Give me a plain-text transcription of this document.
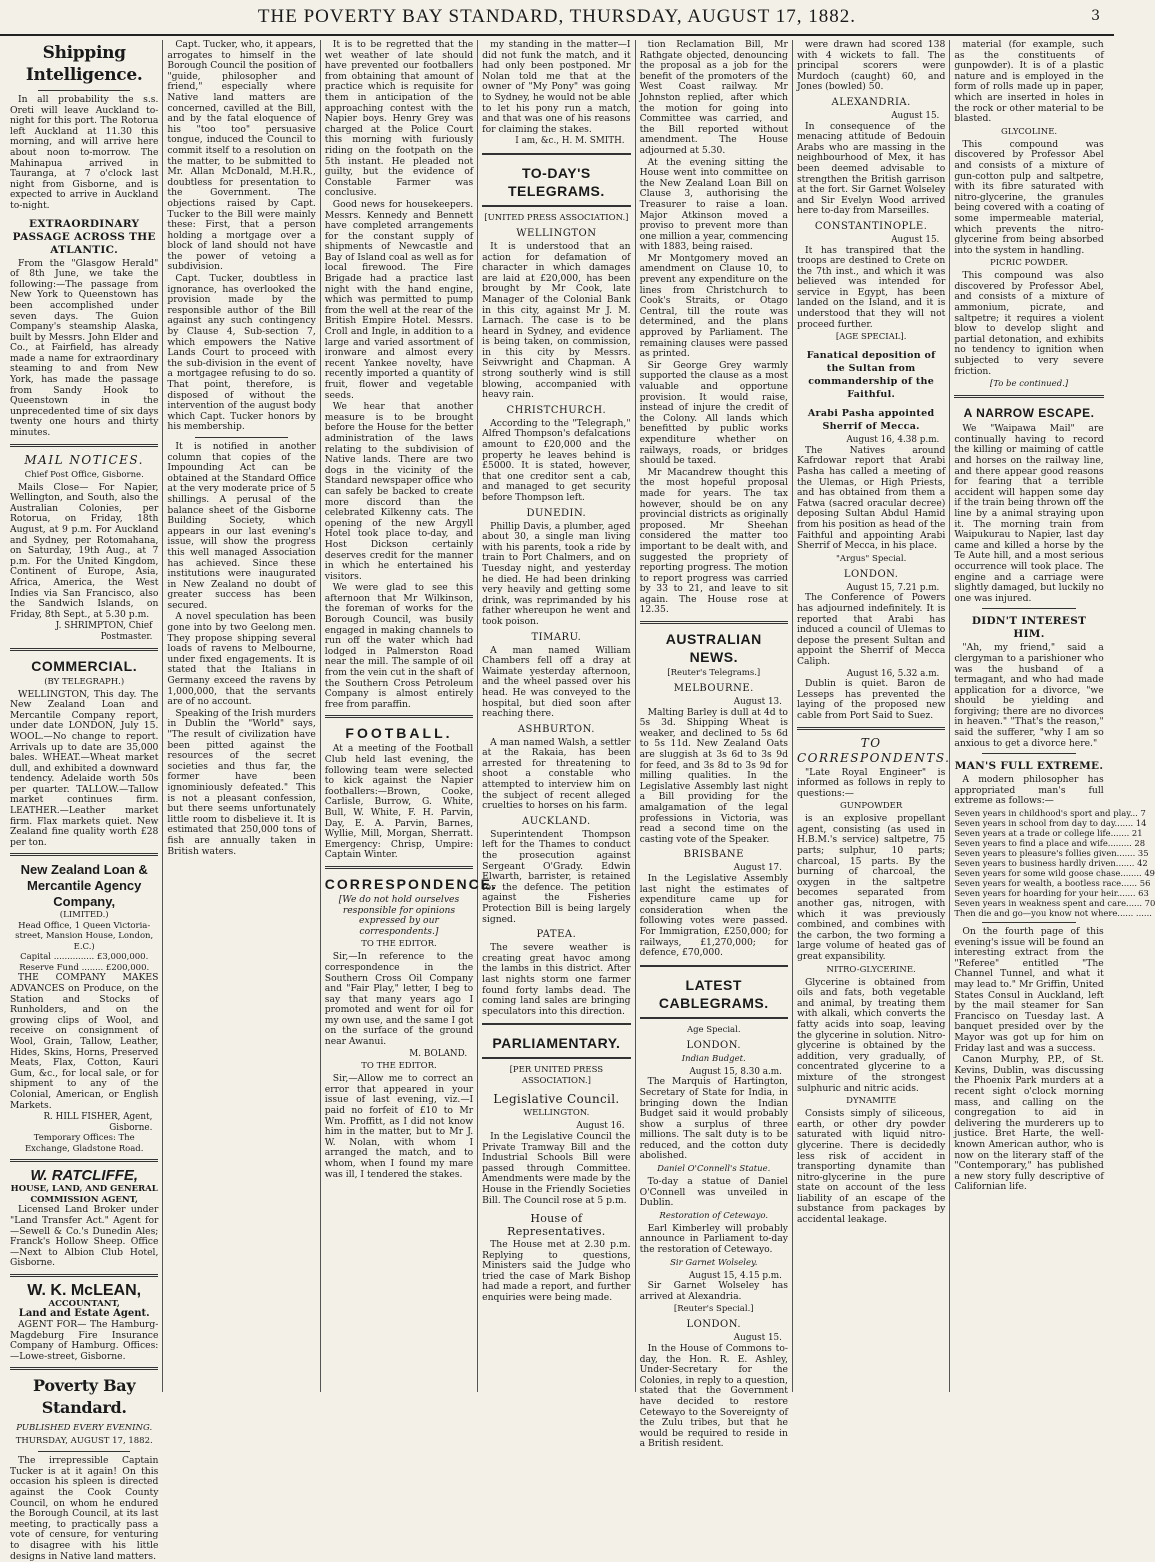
THE POVERTY BAY STANDARD, THURSDAY, AUGUST 17, 1882.	3
Shipping Intelligence.

In all probability the s.s. Oreti will leave Auckland to-night for this port. The Rotorua left Auckland at 11.30 this morning, and will arrive here about noon to-morrow. The Mahinapua arrived in Tauranga, at 7 o'clock last night from Gisborne, and is expected to arrive in Auckland to-night.

EXTRAORDINARY PASSAGE ACROSS THE ATLANTIC.

From the "Glasgow Herald" of 8th June, we take the following:—The passage from New York to Queenstown has been accomplished under seven days. The Guion Company's steamship Alaska, built by Messrs. John Elder and Co., at Fairfield, has already made a name for extraordinary steaming to and from New York, has made the passage from Sandy Hook to Queenstown in the unprecedented time of six days twenty one hours and thirty minutes.

MAIL NOTICES.
Chief Post Office, Gisborne.

Mails Close— For Napier, Wellington, and South, also the Australian Colonies, per Rotorua, on Friday, 18th August, at 9 p.m. For Auckland and Sydney, per Rotomahana, on Saturday, 19th Aug., at 7 p.m. For the United Kingdom, Continent of Europe, Asia, Africa, America, the West Indies via San Francisco, also the Sandwich Islands, on Friday, 8th Sept., at 5.30 p.m.

J. SHRIMPTON, Chief Postmaster.
COMMERCIAL.
(BY TELEGRAPH.)

WELLINGTON, This day. The New Zealand Loan and Mercantile Company report, under date LONDON, July 15. WOOL.—No change to report. Arrivals up to date are 35,000 bales. WHEAT.—Wheat market dull, and exhibited a downward tendency. Adelaide worth 50s per quarter. TALLOW.—Tallow market continues firm. LEATHER.—Leather market firm. Flax markets quiet. New Zealand fine quality worth £28 per ton.

New Zealand Loan & Mercantile Agency Company,
(LIMITED.)
Head Office, 1 Queen Victoria-street, Mansion House, London, E.C.)
Capital ............... £3,000,000.
Reserve Fund ........ £200,000.

THE COMPANY MAKES ADVANCES on Produce, on the Station and Stocks of Runholders, and on the growing clips of Wool, and receive on consignment of Wool, Grain, Tallow, Leather, Hides, Skins, Horns, Preserved Meats, Flax, Cotton, Kauri Gum, &c., for local sale, or for shipment to any of the Colonial, American, or English Markets.

R. HILL FISHER, Agent, Gisborne.
Temporary Offices: The Exchange, Gladstone Road.
W. RATCLIFFE,
HOUSE, LAND, AND GENERAL COMMISSION AGENT,

Licensed Land Broker under "Land Transfer Act." Agent for—Sewell & Co.'s Dunedin Ales; Franck's Hollow Sheep. Office—Next to Albion Club Hotel, Gisborne.

W. K. McLEAN,
ACCOUNTANT,
Land and Estate Agent.

AGENT FOR— The Hamburg-Magdeburg Fire Insurance Company of Hamburg. Offices:—Lowe-street, Gisborne.

Poverty Bay Standard.
PUBLISHED EVERY EVENING.
THURSDAY, AUGUST 17, 1882.

The irrepressible Captain Tucker is at it again! On this occasion his spleen is directed against the Cook County Council, on whom he endured the Borough Council, at its last meeting, to practically pass a vote of censure, for venturing to disagree with his little designs in Native land matters.

Capt. Tucker, who, it appears, arrogates to himself in the Borough Council the position of "guide, philosopher and friend," especially where Native land matters are concerned, cavilled at the Bill, and by the fatal eloquence of his "too too" persuasive tongue, induced the Council to commit itself to a resolution on the matter, to be submitted to Mr. Allan McDonald, M.H.R., doubtless for presentation to the Government. The objections raised by Capt. Tucker to the Bill were mainly these: First, that a person holding a mortgage over a block of land should not have the power of vetoing a subdivision.

Capt. Tucker, doubtless in ignorance, has overlooked the provision made by the responsible author of the Bill against any such contingency by Clause 4, Sub-section 7, which empowers the Native Lands Court to proceed with the sub-division in the event of a mortgagee refusing to do so. That point, therefore, is disposed of without the intervention of the august body which Capt. Tucker honors by his membership.

It is notified in another column that copies of the Impounding Act can be obtained at the Standard Office at the very moderate price of 5 shillings. A perusal of the balance sheet of the Gisborne Building Society, which appears in our last evening's issue, will show the progress this well managed Association has achieved. Since these institutions were inaugurated in New Zealand no doubt of greater success has been secured.

A novel speculation has been gone into by two Geelong men. They propose shipping several loads of ravens to Melbourne, under fixed engagements. It is stated that the Italians in Germany exceed the ravens by 1,000,000, that the servants are of no account.

Speaking of the Irish murders in Dublin the "World" says, "The result of civilization have been pitted against the resources of the secret societies and thus far, the former have been ignominiously defeated." This is not a pleasant confession, but there seems unfortunately little room to disbelieve it. It is estimated that 250,000 tons of fish are annually taken in British waters.

It is to be regretted that the wet weather of late should have prevented our footballers from obtaining that amount of practice which is requisite for them in anticipation of the approaching contest with the Napier boys. Henry Grey was charged at the Police Court this morning with furiously riding on the footpath on the 5th instant. He pleaded not guilty, but the evidence of Constable Farmer was conclusive.

Good news for housekeepers. Messrs. Kennedy and Bennett have completed arrangements for the constant supply of shipments of Newcastle and Bay of Island coal as well as for local firewood. The Fire Brigade had a practice last night with the hand engine, which was permitted to pump from the well at the rear of the British Empire Hotel. Messrs. Croll and Ingle, in addition to a large and varied assortment of ironware and almost every recent Yankee novelty, have recently imported a quantity of fruit, flower and vegetable seeds.

We hear that another measure is to be brought before the House for the better administration of the laws relating to the subdivision of Native lands. There are two dogs in the vicinity of the Standard newspaper office who can safely be backed to create more discord than the celebrated Kilkenny cats. The opening of the new Argyll Hotel took place to-day, and Host Dickson certainly deserves credit for the manner in which he entertained his visitors.

We were glad to see this afternoon that Mr Wilkinson, the foreman of works for the Borough Council, was busily engaged in making channels to run off the water which had lodged in Palmerston Road near the mill. The sample of oil from the vein cut in the shaft of the Southern Cross Petroleum Company is almost entirely free from paraffin.

FOOTBALL.

At a meeting of the Football Club held last evening, the following team were selected to kick against the Napier footballers:—Brown, Cooke, Carlisle, Burrow, G. White, Bull, W. White, F. H. Parvin, Day, E. A. Parvin, Barnes, Wyllie, Mill, Morgan, Sherratt. Emergency: Chrisp, Umpire: Captain Winter.

CORRESPONDENCE.

[We do not hold ourselves responsible for opinions expressed by our correspondents.]

TO THE EDITOR.

Sir,—In reference to the correspondence in the Southern Cross Oil Company and "Fair Play," letter, I beg to say that many years ago I promoted and went for oil for my own use, and the same I got on the surface of the ground near Awanui.

M. BOLAND.
TO THE EDITOR.

Sir,—Allow me to correct an error that appeared in your issue of last evening, viz.—I paid no forfeit of £10 to Mr Wm. Proffitt, as I did not know him in the matter, but to Mr J. W. Nolan, with whom I arranged the match, and to whom, when I found my mare was ill, I tendered the stakes.

my standing in the matter—I did not funk the match, and it had only been postponed. Mr Nolan told me that at the owner of "My Pony" was going to Sydney, he would not be able to let his pony run a match, and that was one of his reasons for claiming the stakes.

I am, &c., H. M. SMITH.
TO-DAY'S TELEGRAMS.
[UNITED PRESS ASSOCIATION.]
WELLINGTON

It is understood that an action for defamation of character in which damages are laid at £20,000, has been brought by Mr Cook, late Manager of the Colonial Bank in this city, against Mr J. M. Larnach. The case is to be heard in Sydney, and evidence is being taken, on commission, in this city by Messrs. Seivwright and Chapman. A strong southerly wind is still blowing, accompanied with heavy rain.

CHRISTCHURCH.

According to the "Telegraph," Alfred Thompson's defalcations amount to £20,000 and the property he leaves behind is £5000. It is stated, however, that one creditor sent a cab, and managed to get security before Thompson left.

DUNEDIN.

Phillip Davis, a plumber, aged about 30, a single man living with his parents, took a ride by train to Port Chalmers, and on Tuesday night, and yesterday he died. He had been drinking very heavily and getting some drink, was reprimanded by his father whereupon he went and took poison.

TIMARU.

A man named William Chambers fell off a dray at Waimate yesterday afternoon, and the wheel passed over his head. He was conveyed to the hospital, but died soon after reaching there.

ASHBURTON.

A man named Walsh, a settler at the Rakaia, has been arrested for threatening to shoot a constable who attempted to interview him on the subject of recent alleged cruelties to horses on his farm.

AUCKLAND.

Superintendent Thompson left for the Thames to conduct the prosecution against Sergeant O'Grady. Edwin Elwarth, barrister, is retained for the defence. The petition against the Fisheries Protection Bill is being largely signed.

PATEA.

The severe weather is creating great havoc among the lambs in this district. After last nights storm one farmer found forty lambs dead. The coming land sales are bringing speculators into this direction.

PARLIAMENTARY.
[PER UNITED PRESS ASSOCIATION.]
Legislative Council.
WELLINGTON.
August 16.

In the Legislative Council the Private Tramway Bill and the Industrial Schools Bill were passed through Committee. Amendments were made by the House in the Friendly Societies Bill. The Council rose at 5 p.m.

House of Representatives.

The House met at 2.30 p.m. Replying to questions, Ministers said the Judge who tried the case of Mark Bishop had made a report, and further enquiries were being made.

tion Reclamation Bill, Mr Rathgate objected, denouncing the proposal as a job for the benefit of the promoters of the West Coast railway. Mr Johnston replied, after which the motion for going into Committee was carried, and the Bill reported without amendment. The House adjourned at 5.30.

At the evening sitting the House went into committee on the New Zealand Loan Bill on Clause 3, authorising the Treasurer to raise a loan. Major Atkinson moved a proviso to prevent more than one million a year, commencing with 1883, being raised.

Mr Montgomery moved an amendment on Clause 10, to prevent any expenditure on the lines from Christchurch to Cook's Straits, or Otago Central, till the route was determined, and the plans approved by Parliament. The remaining clauses were passed as printed.

Sir George Grey warmly supported the clause as a most valuable and opportune provision. It would raise, instead of injure the credit of the Colony. All lands which benefitted by public works expenditure whether on railways, roads, or bridges should be taxed.

Mr Macandrew thought this the most hopeful proposal made for years. The tax however, should be on any provincial districts as originally proposed. Mr Sheehan considered the matter too important to be dealt with, and suggested the propriety of reporting progress. The motion to report progress was carried by 33 to 21, and leave to sit again. The House rose at 12.35.

AUSTRALIAN NEWS.
[Reuter's Telegrams.]
MELBOURNE.
August 13.

Malting Barley is dull at 4d to 5s 3d. Shipping Wheat is weaker, and declined to 5s 6d to 5s 11d. New Zealand Oats are sluggish at 3s 6d to 3s 9d for feed, and 3s 8d to 3s 9d for milling qualities. In the Legislative Assembly last night a Bill providing for the amalgamation of the legal professions in Victoria, was read a second time on the casting vote of the Speaker.

BRISBANE
August 17.

In the Legislative Assembly last night the estimates of expenditure came up for consideration when the following votes were passed. For Immigration, £250,000; for railways, £1,270,000; for defence, £70,000.

LATEST CABLEGRAMS.
Age Special.
LONDON.
Indian Budget.
August 15, 8.30 a.m.

The Marquis of Hartington, Secretary of State for India, in bringing down the Indian Budget said it would probably show a surplus of three millions. The salt duty is to be reduced, and the cotton duty abolished.

Daniel O'Connell's Statue.

To-day a statue of Daniel O'Connell was unveiled in Dublin.

Restoration of Cetewayo.

Earl Kimberley will probably announce in Parliament to-day the restoration of Cetewayo.

Sir Garnet Wolseley.
August 15, 4.15 p.m.

Sir Garnet Wolseley has arrived at Alexandria.

[Reuter's Special.]
LONDON.
August 15.

In the House of Commons to-day, the Hon. R. E. Ashley, Under-Secretary for the Colonies, in reply to a question, stated that the Government have decided to restore Cetewayo to the Sovereignty of the Zulu tribes, but that he would be required to reside in a British resident.

were drawn had scored 138 with 4 wickets to fall. The principal scorers were Murdoch (caught) 60, and Jones (bowled) 50.

ALEXANDRIA.
August 15.

In consequence of the menacing attitude of Bedouin Arabs who are massing in the neighbourhood of Mex, it has been deemed advisable to strengthen the British garrison at the fort. Sir Garnet Wolseley and Sir Evelyn Wood arrived here to-day from Marseilles.

CONSTANTINOPLE.
August 15.

It has transpired that the troops are destined to Crete on the 7th inst., and which it was believed was intended for service in Egypt, has been landed on the Island, and it is understood that they will not proceed further.

[AGE SPECIAL].
Fanatical deposition of the Sultan from commandership of the Faithful.
Arabi Pasha appointed Sherrif of Mecca.
August 16, 4.38 p.m.

The Natives around Kafrdowar report that Arabi Pasha has called a meeting of the Ulemas, or High Priests, and has obtained from them a Fatwa (sacred oracular decree) deposing Sultan Abdul Hamid from his position as head of the Faithful and appointing Arabi Sherrif of Mecca, in his place.

"Argus" Special.
LONDON.
August 15, 7.21 p.m.

The Conference of Powers has adjourned indefinitely. It is reported that Arabi has induced a council of Ulemas to depose the present Sultan and appoint the Sherrif of Mecca Caliph.

August 16, 5.32 a.m.

Dublin is quiet. Baron de Lesseps has prevented the laying of the proposed new cable from Port Said to Suez.

TO CORRESPONDENTS.

"Late Royal Engineer" is informed as follows in reply to questions:—

GUNPOWDER

is an explosive propellant agent, consisting (as used in H.B.M.'s service) saltpetre, 75 parts; sulphur, 10 parts; charcoal, 15 parts. By the burning of charcoal, the oxygen in the saltpetre becomes separated from another gas, nitrogen, with which it was previously combined, and combines with the carbon, the two forming a large volume of heated gas of great expansibility.

NITRO-GLYCERINE.

Glycerine is obtained from oils and fats, both vegetable and animal, by treating them with alkali, which converts the fatty acids into soap, leaving the glycerine in solution. Nitro-glycerine is obtained by the addition, very gradually, of concentrated glycerine to a mixture of the strongest sulphuric and nitric acids.

DYNAMITE

Consists simply of siliceous, earth, or other dry powder saturated with liquid nitro-glycerine. There is decidedly less risk of accident in transporting dynamite than nitro-glycerine in the pure state on account of the less liability of an escape of the substance from packages by accidental leakage.

material (for example, such as the constituents of gunpowder). It is of a plastic nature and is employed in the form of rolls made up in paper, which are inserted in holes in the rock or other material to be blasted.

GLYCOLINE.

This compound was discovered by Professor Abel and consists of a mixture of gun-cotton pulp and saltpetre, with its fibre saturated with nitro-glycerine, the granules being covered with a coating of some impermeable material, which prevents the nitro-glycerine from being absorbed into the system in handling.

PICRIC POWDER.

This compound was also discovered by Professor Abel, and consists of a mixture of ammonium, picrate, and saltpetre; it requires a violent blow to develop slight and partial detonation, and exhibits no tendency to ignition when subjected to very severe friction.

[To be continued.]
A NARROW ESCAPE.

We "Waipawa Mail" are continually having to record the killing or maiming of cattle and horses on the railway line, and there appear good reasons for fearing that a terrible accident will happen some day if the train being thrown off the line by a animal straying upon it. The morning train from Waipukurau to Napier, last day came and killed a horse by the Te Aute hill, and a most serious occurrence will took place. The engine and a carriage were slightly damaged, but luckily no one was injured.

DIDN'T INTEREST HIM.

"Ah, my friend," said a clergyman to a parishioner who was the husband of a termagant, and who had made application for a divorce, "we should be yielding and forgiving; there are no divorces in heaven." "That's the reason," said the sufferer, "why I am so anxious to get a divorce here."

MAN'S FULL EXTREME.

A modern philosopher has appropriated man's full extreme as follows:—

Seven years in childhood's sport and play... 7
Seven years in school from day to day....... 14
Seven years at a trade or college life....... 21
Seven years to find a place and wife......... 28
Seven years to pleasure's follies given....... 35
Seven years to business hardly driven....... 42
Seven years for some wild goose chase........ 49
Seven years for wealth, a bootless race...... 56
Seven years for hoarding for your heir....... 63
Seven years in weakness spent and care...... 70
Then die and go—you know not where...... ......

On the fourth page of this evening's issue will be found an interesting extract from the "Referee" entitled "The Channel Tunnel, and what it may lead to." Mr Griffin, United States Consul in Auckland, left by the mail steamer for San Francisco on Tuesday last. A banquet presided over by the Mayor was got up for him on Friday last and was a success.

Canon Murphy, P.P., of St. Kevins, Dublin, was discussing the Phoenix Park murders at a recent sight o'clock morning mass, and calling on the congregation to aid in delivering the murderers up to justice. Bret Harte, the well-known American author, who is now on the literary staff of the "Contemporary," has published a new story fully descriptive of Californian life.
